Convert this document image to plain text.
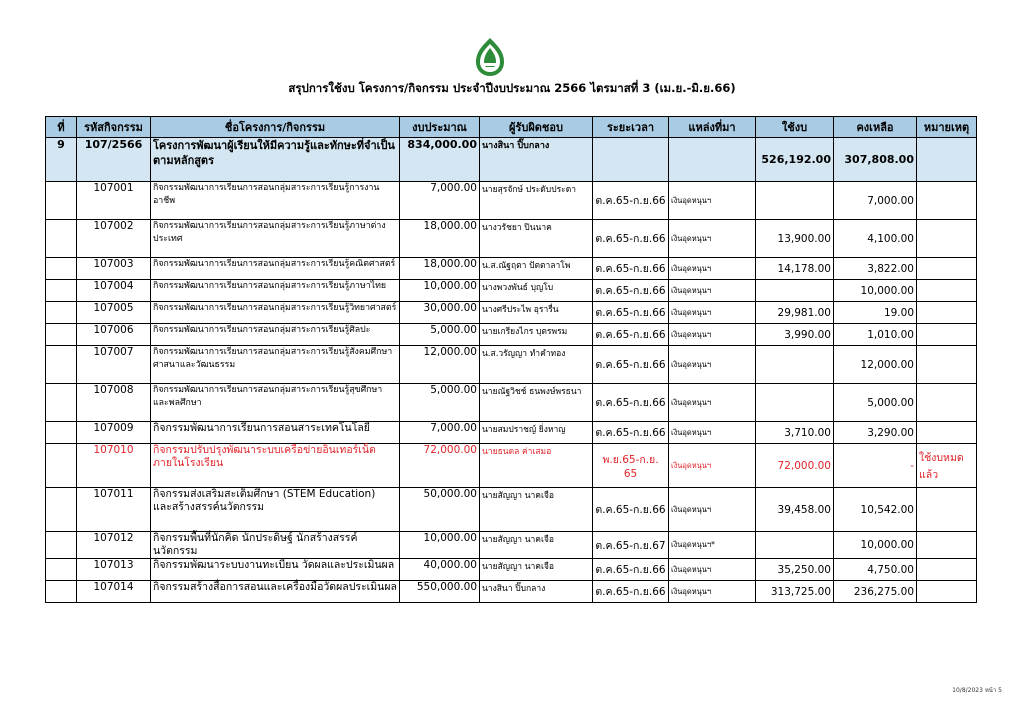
สรุปการใช้งบ โครงการ/กิจกรรม ประจำปีงบประมาณ 2566 ไตรมาสที่ 3 (เม.ย.-มิ.ย.66)
ที่	รหัสกิจกรรม	ชื่อโครงการ/กิจกรรม	งบประมาณ	ผู้รับผิดชอบ	ระยะเวลา	แหล่งที่มา	ใช้งบ	คงเหลือ	หมายเหตุ
9	107/2566	โครงการพัฒนาผู้เรียนให้มีความรู้และทักษะที่จำเป็นตามหลักสูตร	834,000.00	นางสินา ปิ๊บกลาง			526,192.00	307,808.00	
	107001	กิจกรรมพัฒนาการเรียนการสอนกลุ่มสาระการเรียนรู้การงานอาชีพ	7,000.00	นายสุรจักษ์ ประดับประดา	ต.ค.65-ก.ย.66	เงินอุดหนุนฯ		7,000.00	
	107002	กิจกรรมพัฒนาการเรียนการสอนกลุ่มสาระการเรียนรู้ภาษาต่างประเทศ	18,000.00	นางวรัชยา ปินนาค	ต.ค.65-ก.ย.66	เงินอุดหนุนฯ	13,900.00	4,100.00	
	107003	กิจกรรมพัฒนาการเรียนการสอนกลุ่มสาระการเรียนรู้คณิตศาสตร์	18,000.00	น.ส.ณัฐฤตา ปัตตาลาโพ	ต.ค.65-ก.ย.66	เงินอุดหนุนฯ	14,178.00	3,822.00	
	107004	กิจกรรมพัฒนาการเรียนการสอนกลุ่มสาระการเรียนรู้ภาษาไทย	10,000.00	นางพวงพันธ์ บุญโบ	ต.ค.65-ก.ย.66	เงินอุดหนุนฯ		10,000.00	
	107005	กิจกรรมพัฒนาการเรียนการสอนกลุ่มสาระการเรียนรู้วิทยาศาสตร์	30,000.00	นางศรีประไพ อุรารื่น	ต.ค.65-ก.ย.66	เงินอุดหนุนฯ	29,981.00	19.00	
	107006	กิจกรรมพัฒนาการเรียนการสอนกลุ่มสาระการเรียนรู้ศิลปะ	5,000.00	นายเกรียงไกร บุตรพรม	ต.ค.65-ก.ย.66	เงินอุดหนุนฯ	3,990.00	1,010.00	
	107007	กิจกรรมพัฒนาการเรียนการสอนกลุ่มสาระการเรียนรู้สังคมศึกษาศาสนาและวัฒนธรรม	12,000.00	น.ส.วรัญญา ทำคำทอง	ต.ค.65-ก.ย.66	เงินอุดหนุนฯ		12,000.00	
	107008	กิจกรรมพัฒนาการเรียนการสอนกลุ่มสาระการเรียนรู้สุขศึกษาและพลศึกษา	5,000.00	นายณัฐวิชช์ ธนพงษ์พรธนา	ต.ค.65-ก.ย.66	เงินอุดหนุนฯ		5,000.00	
	107009	กิจกรรมพัฒนาการเรียนการสอนสาระเทคโนโลยี	7,000.00	นายสมปราชญ์ ยิ่งหาญ	ต.ค.65-ก.ย.66	เงินอุดหนุนฯ	3,710.00	3,290.00	
	107010	กิจกรรมปรับปรุงพัฒนาระบบเครือข่ายอินเทอร์เน็ตภายในโรงเรียน	72,000.00	นายธนดล ค่าเสมอ	พ.ย.65-ก.ย. 65	เงินอุดหนุนฯ	72,000.00	-	ใช้งบหมดแล้ว
	107011	กิจกรรมส่งเสริมสะเต็มศึกษา (STEM Education) และสร้างสรรค์นวัตกรรม	50,000.00	นายสัญญา นาคเจือ	ต.ค.65-ก.ย.66	เงินอุดหนุนฯ	39,458.00	10,542.00	
	107012	กิจกรรมพื้นที่นักคิด นักประดิษฐ์ นักสร้างสรรค์นวัตกรรม	10,000.00	นายสัญญา นาคเจือ	ต.ค.65-ก.ย.67	เงินอุดหนุนฯ*		10,000.00	
	107013	กิจกรรมพัฒนาระบบงานทะเบียน วัดผลและประเมินผล	40,000.00	นายสัญญา นาคเจือ	ต.ค.65-ก.ย.66	เงินอุดหนุนฯ	35,250.00	4,750.00	
	107014	กิจกรรมสร้างสื่อการสอนและเครื่องมือวัดผลประเมินผล	550,000.00	นางสินา ปิ๊บกลาง	ต.ค.65-ก.ย.66	เงินอุดหนุนฯ	313,725.00	236,275.00	
10/8/2023 หน้า 5
